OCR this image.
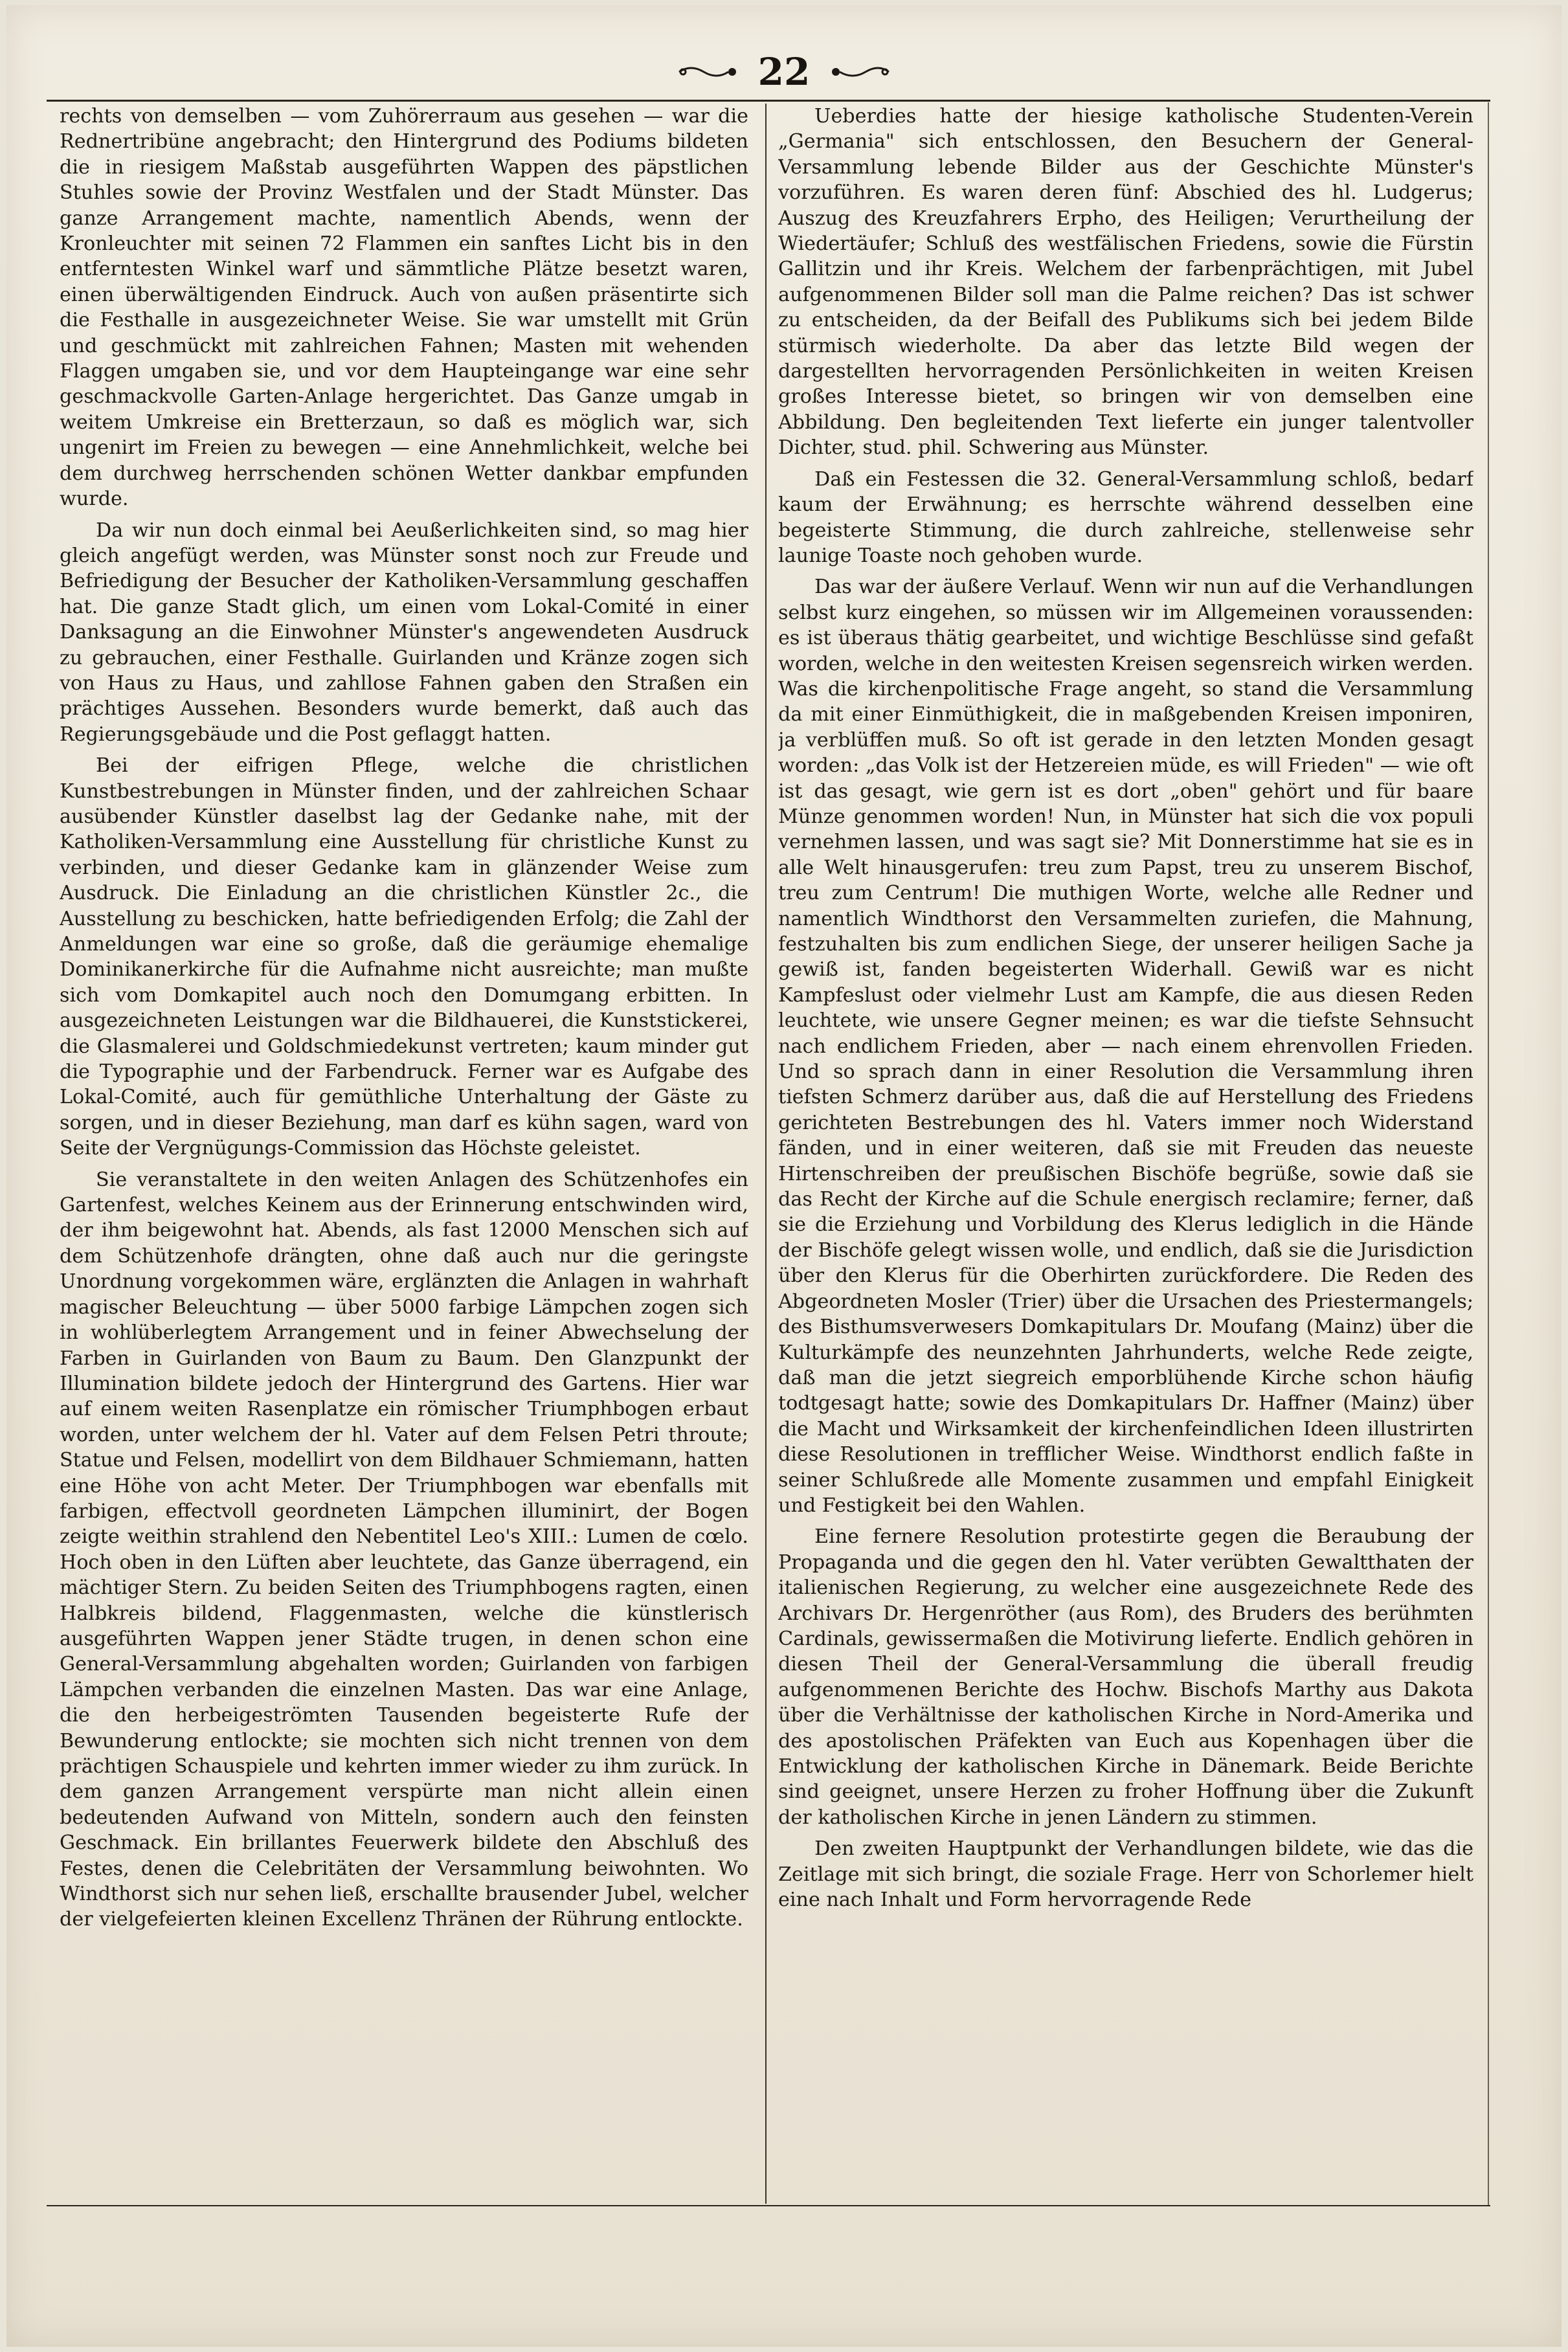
22

rechts von demselben — vom Zuhörerraum aus gesehen — war die Rednertribüne angebracht; den Hintergrund des Podiums bildeten die in riesigem Maßstab ausgeführten Wappen des päpstlichen Stuhles sowie der Provinz Westfalen und der Stadt Münster. Das ganze Arrangement machte, namentlich Abends, wenn der Kronleuchter mit seinen 72 Flammen ein sanftes Licht bis in den entferntesten Winkel warf und sämmtliche Plätze besetzt waren, einen überwältigenden Eindruck. Auch von außen präsentirte sich die Festhalle in ausgezeichneter Weise. Sie war umstellt mit Grün und geschmückt mit zahlreichen Fahnen; Masten mit wehenden Flaggen umgaben sie, und vor dem Haupteingange war eine sehr geschmackvolle Garten-Anlage hergerichtet. Das Ganze umgab in weitem Umkreise ein Bretterzaun, so daß es möglich war, sich ungenirt im Freien zu bewegen — eine Annehmlichkeit, welche bei dem durchweg herrschenden schönen Wetter dankbar empfunden wurde.

Da wir nun doch einmal bei Aeußerlichkeiten sind, so mag hier gleich angefügt werden, was Münster sonst noch zur Freude und Befriedigung der Besucher der Katholiken-Versammlung geschaffen hat. Die ganze Stadt glich, um einen vom Lokal-Comité in einer Danksagung an die Einwohner Münster's angewendeten Ausdruck zu gebrauchen, einer Festhalle. Guirlanden und Kränze zogen sich von Haus zu Haus, und zahllose Fahnen gaben den Straßen ein prächtiges Aussehen. Besonders wurde bemerkt, daß auch das Regierungsgebäude und die Post geflaggt hatten.

Bei der eifrigen Pflege, welche die christlichen Kunstbestrebungen in Münster finden, und der zahlreichen Schaar ausübender Künstler daselbst lag der Gedanke nahe, mit der Katholiken-Versammlung eine Ausstellung für christliche Kunst zu verbinden, und dieser Gedanke kam in glänzender Weise zum Ausdruck. Die Einladung an die christlichen Künstler 2c., die Ausstellung zu beschicken, hatte befriedigenden Erfolg; die Zahl der Anmeldungen war eine so große, daß die geräumige ehemalige Dominikanerkirche für die Aufnahme nicht ausreichte; man mußte sich vom Domkapitel auch noch den Domumgang erbitten. In ausgezeichneten Leistungen war die Bildhauerei, die Kunststickerei, die Glasmalerei und Goldschmiedekunst vertreten; kaum minder gut die Typographie und der Farbendruck. Ferner war es Aufgabe des Lokal-Comité, auch für gemüthliche Unterhaltung der Gäste zu sorgen, und in dieser Beziehung, man darf es kühn sagen, ward von Seite der Vergnügungs-Commission das Höchste geleistet.

Sie veranstaltete in den weiten Anlagen des Schützenhofes ein Gartenfest, welches Keinem aus der Erinnerung entschwinden wird, der ihm beigewohnt hat. Abends, als fast 12000 Menschen sich auf dem Schützenhofe drängten, ohne daß auch nur die geringste Unordnung vorgekommen wäre, erglänzten die Anlagen in wahrhaft magischer Beleuchtung — über 5000 farbige Lämpchen zogen sich in wohlüberlegtem Arrangement und in feiner Abwechselung der Farben in Guirlanden von Baum zu Baum. Den Glanzpunkt der Illumination bildete jedoch der Hintergrund des Gartens. Hier war auf einem weiten Rasenplatze ein römischer Triumphbogen erbaut worden, unter welchem der hl. Vater auf dem Felsen Petri throute; Statue und Felsen, modellirt von dem Bildhauer Schmiemann, hatten eine Höhe von acht Meter. Der Triumphbogen war ebenfalls mit farbigen, effectvoll geordneten Lämpchen illuminirt, der Bogen zeigte weithin strahlend den Nebentitel Leo's XIII.: Lumen de cœlo. Hoch oben in den Lüften aber leuchtete, das Ganze überragend, ein mächtiger Stern. Zu beiden Seiten des Triumphbogens ragten, einen Halbkreis bildend, Flaggenmasten, welche die künstlerisch ausgeführten Wappen jener Städte trugen, in denen schon eine General-Versammlung abgehalten worden; Guirlanden von farbigen Lämpchen verbanden die einzelnen Masten. Das war eine Anlage, die den herbeigeströmten Tausenden begeisterte Rufe der Bewunderung entlockte; sie mochten sich nicht trennen von dem prächtigen Schauspiele und kehrten immer wieder zu ihm zurück. In dem ganzen Arrangement verspürte man nicht allein einen bedeutenden Aufwand von Mitteln, sondern auch den feinsten Geschmack. Ein brillantes Feuerwerk bildete den Abschluß des Festes, denen die Celebritäten der Versammlung beiwohnten. Wo Windthorst sich nur sehen ließ, erschallte brausender Jubel, welcher der vielgefeierten kleinen Excellenz Thränen der Rührung entlockte.

Ueberdies hatte der hiesige katholische Studenten-Verein „Germania" sich entschlossen, den Besuchern der General-Versammlung lebende Bilder aus der Geschichte Münster's vorzuführen. Es waren deren fünf: Abschied des hl. Ludgerus; Auszug des Kreuzfahrers Erpho, des Heiligen; Verurtheilung der Wiedertäufer; Schluß des westfälischen Friedens, sowie die Fürstin Gallitzin und ihr Kreis. Welchem der farbenprächtigen, mit Jubel aufgenommenen Bilder soll man die Palme reichen? Das ist schwer zu entscheiden, da der Beifall des Publikums sich bei jedem Bilde stürmisch wiederholte. Da aber das letzte Bild wegen der dargestellten hervorragenden Persönlichkeiten in weiten Kreisen großes Interesse bietet, so bringen wir von demselben eine Abbildung. Den begleitenden Text lieferte ein junger talentvoller Dichter, stud. phil. Schwering aus Münster.

Daß ein Festessen die 32. General-Versammlung schloß, bedarf kaum der Erwähnung; es herrschte während desselben eine begeisterte Stimmung, die durch zahlreiche, stellenweise sehr launige Toaste noch gehoben wurde.

Das war der äußere Verlauf. Wenn wir nun auf die Verhandlungen selbst kurz eingehen, so müssen wir im Allgemeinen voraussenden: es ist überaus thätig gearbeitet, und wichtige Beschlüsse sind gefaßt worden, welche in den weitesten Kreisen segensreich wirken werden. Was die kirchenpolitische Frage angeht, so stand die Versammlung da mit einer Einmüthigkeit, die in maßgebenden Kreisen imponiren, ja verblüffen muß. So oft ist gerade in den letzten Monden gesagt worden: „das Volk ist der Hetzereien müde, es will Frieden" — wie oft ist das gesagt, wie gern ist es dort „oben" gehört und für baare Münze genommen worden! Nun, in Münster hat sich die vox populi vernehmen lassen, und was sagt sie? Mit Donnerstimme hat sie es in alle Welt hinausgerufen: treu zum Papst, treu zu unserem Bischof, treu zum Centrum! Die muthigen Worte, welche alle Redner und namentlich Windthorst den Versammelten zuriefen, die Mahnung, festzuhalten bis zum endlichen Siege, der unserer heiligen Sache ja gewiß ist, fanden begeisterten Widerhall. Gewiß war es nicht Kampfeslust oder vielmehr Lust am Kampfe, die aus diesen Reden leuchtete, wie unsere Gegner meinen; es war die tiefste Sehnsucht nach endlichem Frieden, aber — nach einem ehrenvollen Frieden. Und so sprach dann in einer Resolution die Versammlung ihren tiefsten Schmerz darüber aus, daß die auf Herstellung des Friedens gerichteten Bestrebungen des hl. Vaters immer noch Widerstand fänden, und in einer weiteren, daß sie mit Freuden das neueste Hirtenschreiben der preußischen Bischöfe begrüße, sowie daß sie das Recht der Kirche auf die Schule energisch reclamire; ferner, daß sie die Erziehung und Vorbildung des Klerus lediglich in die Hände der Bischöfe gelegt wissen wolle, und endlich, daß sie die Jurisdiction über den Klerus für die Oberhirten zurückfordere. Die Reden des Abgeordneten Mosler (Trier) über die Ursachen des Priestermangels; des Bisthumsverwesers Domkapitulars Dr. Moufang (Mainz) über die Kulturkämpfe des neunzehnten Jahrhunderts, welche Rede zeigte, daß man die jetzt siegreich emporblühende Kirche schon häufig todtgesagt hatte; sowie des Domkapitulars Dr. Haffner (Mainz) über die Macht und Wirksamkeit der kirchenfeindlichen Ideen illustrirten diese Resolutionen in trefflicher Weise. Windthorst endlich faßte in seiner Schlußrede alle Momente zusammen und empfahl Einigkeit und Festigkeit bei den Wahlen.

Eine fernere Resolution protestirte gegen die Beraubung der Propaganda und die gegen den hl. Vater verübten Gewaltthaten der italienischen Regierung, zu welcher eine ausgezeichnete Rede des Archivars Dr. Hergenröther (aus Rom), des Bruders des berühmten Cardinals, gewissermaßen die Motivirung lieferte. Endlich gehören in diesen Theil der General-Versammlung die überall freudig aufgenommenen Berichte des Hochw. Bischofs Marthy aus Dakota über die Verhältnisse der katholischen Kirche in Nord-Amerika und des apostolischen Präfekten van Euch aus Kopenhagen über die Entwicklung der katholischen Kirche in Dänemark. Beide Berichte sind geeignet, unsere Herzen zu froher Hoffnung über die Zukunft der katholischen Kirche in jenen Ländern zu stimmen.

Den zweiten Hauptpunkt der Verhandlungen bildete, wie das die Zeitlage mit sich bringt, die soziale Frage. Herr von Schorlemer hielt eine nach Inhalt und Form hervorragende Rede
